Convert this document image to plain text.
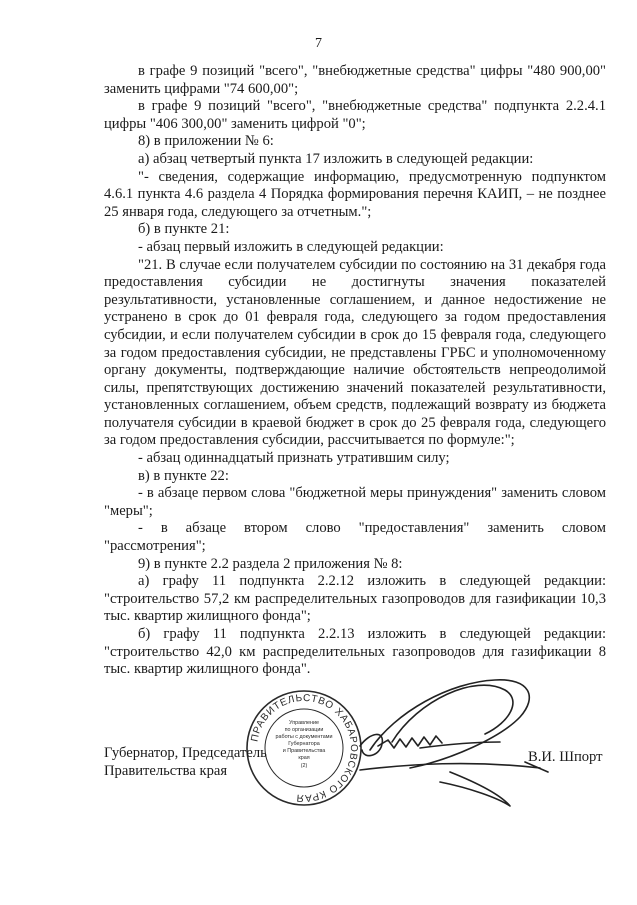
7

в графе 9 позиций "всего", "внебюджетные средства" цифры "480 900,00" заменить цифрами "74 600,00";

в графе 9 позиций "всего", "внебюджетные средства" подпункта 2.2.4.1 цифры "406 300,00" заменить цифрой "0";

8) в приложении № 6:

а) абзац четвертый пункта 17 изложить в следующей редакции:

"- сведения, содержащие информацию, предусмотренную подпунктом 4.6.1 пункта 4.6 раздела 4 Порядка формирования перечня КАИП, – не позднее 25 января года, следующего за отчетным.";

б) в пункте 21:

- абзац первый изложить в следующей редакции:

"21. В случае если получателем субсидии по состоянию на 31 декабря года предоставления субсидии не достигнуты значения показателей результативности, установленные соглашением, и данное недостижение не устранено в срок до 01 февраля года, следующего за годом предоставления субсидии, и если получателем субсидии в срок до 15 февраля года, следующего за годом предоставления субсидии, не представлены ГРБС и уполномоченному органу документы, подтверждающие наличие обстоятельств непреодолимой силы, препятствующих достижению значений показателей результативности, установленных соглашением, объем средств, подлежащий возврату из бюджета получателя субсидии в краевой бюджет в срок до 25 февраля года, следующего за годом предоставления субсидии, рассчитывается по формуле:";

- абзац одиннадцатый признать утратившим силу;

в) в пункте 22:

- в абзаце первом слова "бюджетной меры принуждения" заменить словом "меры";

- в абзаце втором слово "предоставления" заменить словом "рассмотрения";

9) в пункте 2.2 раздела 2 приложения № 8:

а) графу 11 подпункта 2.2.12 изложить в следующей редакции: "строительство 57,2 км распределительных газопроводов для газификации 10,3 тыс. квартир жилищного фонда";

б) графу 11 подпункта 2.2.13 изложить в следующей редакции: "строительство 42,0 км распределительных газопроводов для газификации 8 тыс. квартир жилищного фонда".

ПРАВИТЕЛЬСТВО ХАБАРОВСКОГО КРАЯ
Управление
по организации
работы с документами
Губернатора
и Правительства
края
(2)
Губернатор, Председатель
Правительства края
В.И. Шпорт
